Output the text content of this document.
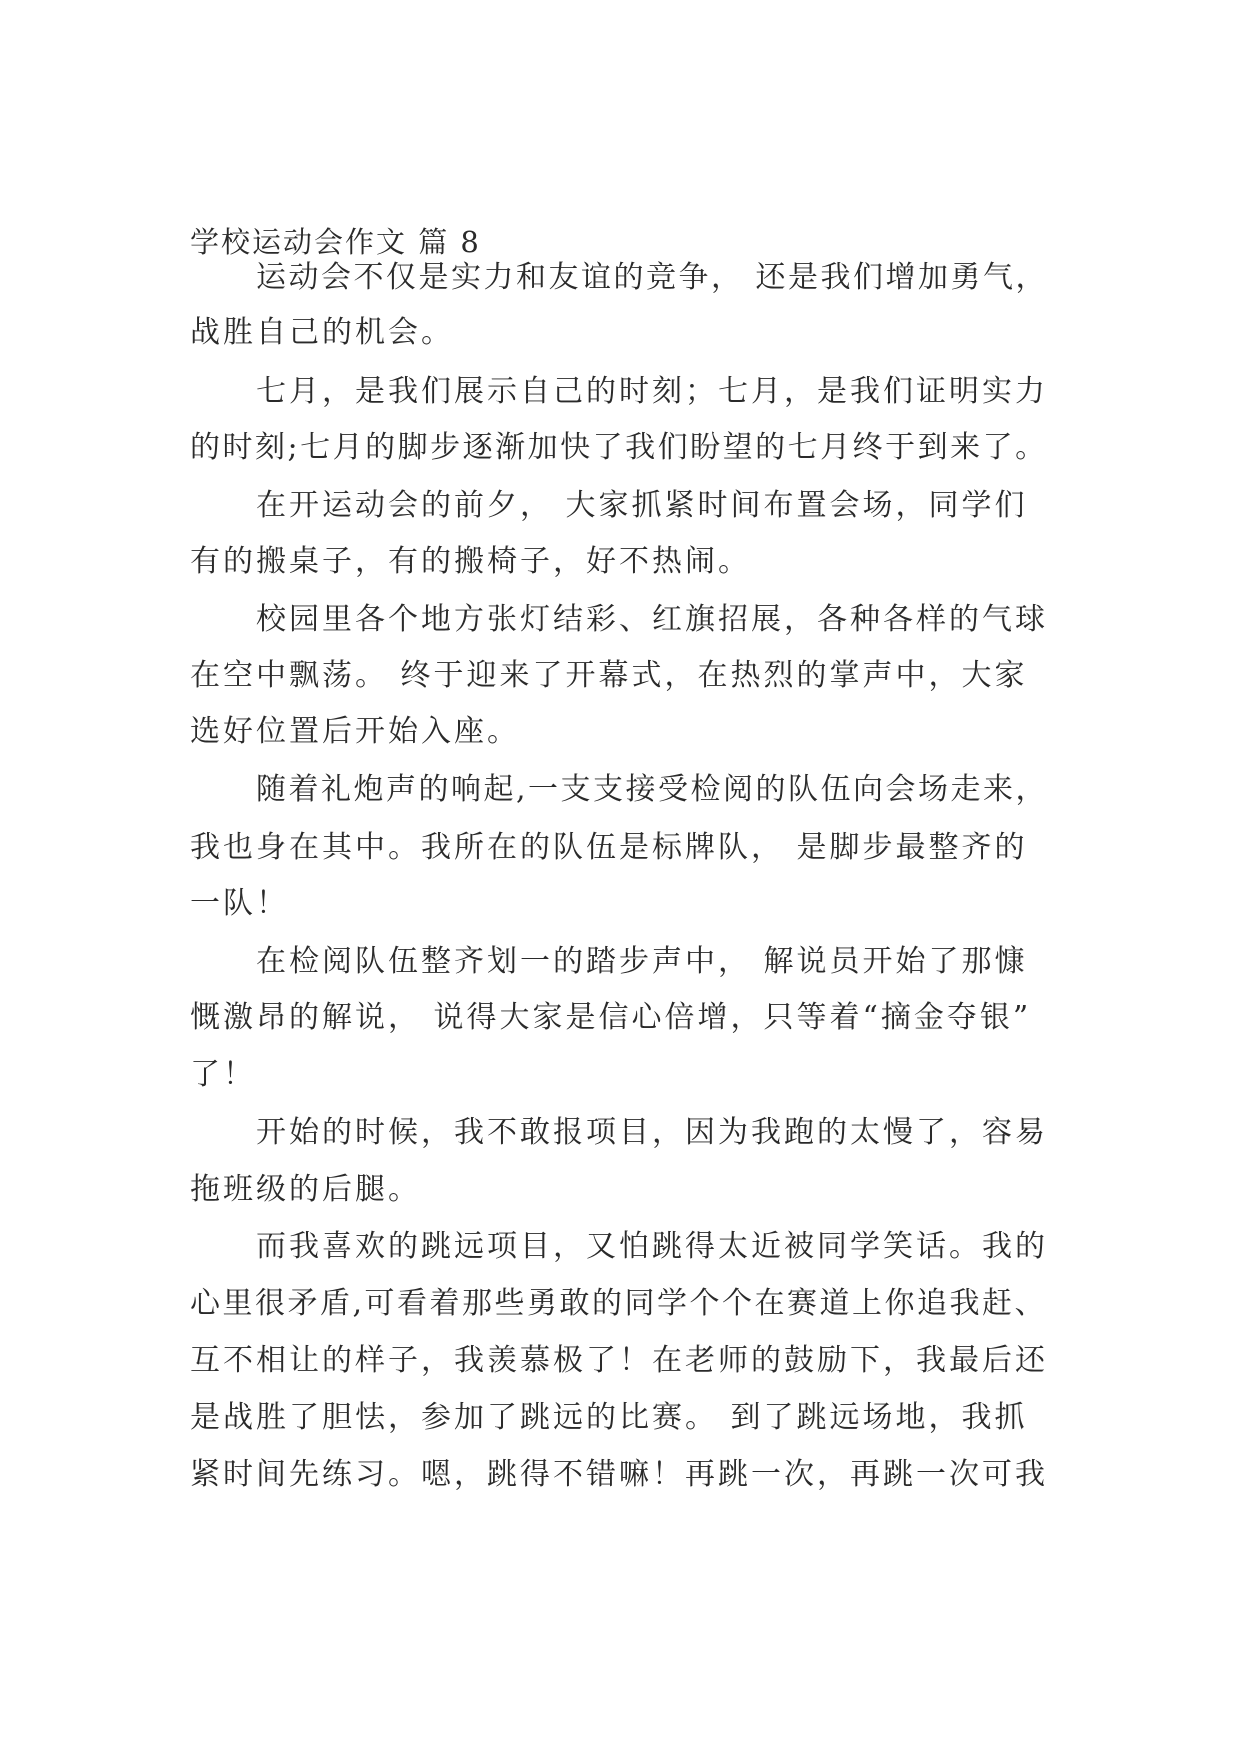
学校运动会作文 篇 8
运动会不仅是实力和友谊的竞争， 还是我们增加勇气，
战胜自己的机会。
七月，是我们展示自己的时刻；七月，是我们证明实力
的时刻;七月的脚步逐渐加快了我们盼望的七月终于到来了。
在开运动会的前夕， 大家抓紧时间布置会场，同学们
有的搬桌子，有的搬椅子，好不热闹。
校园里各个地方张灯结彩、红旗招展，各种各样的气球
在空中飘荡。 终于迎来了开幕式，在热烈的掌声中，大家
选好位置后开始入座。
随着礼炮声的响起,一支支接受检阅的队伍向会场走来，
我也身在其中。我所在的队伍是标牌队， 是脚步最整齐的
一队！
在检阅队伍整齐划一的踏步声中， 解说员开始了那慷
慨激昂的解说， 说得大家是信心倍增，只等着“摘金夺银”
了！
开始的时候，我不敢报项目，因为我跑的太慢了，容易
拖班级的后腿。
而我喜欢的跳远项目，又怕跳得太近被同学笑话。我的
心里很矛盾,可看着那些勇敢的同学个个在赛道上你追我赶、
互不相让的样子，我羡慕极了！在老师的鼓励下，我最后还
是战胜了胆怯，参加了跳远的比赛。 到了跳远场地，我抓
紧时间先练习。嗯，跳得不错嘛！再跳一次，再跳一次可我
